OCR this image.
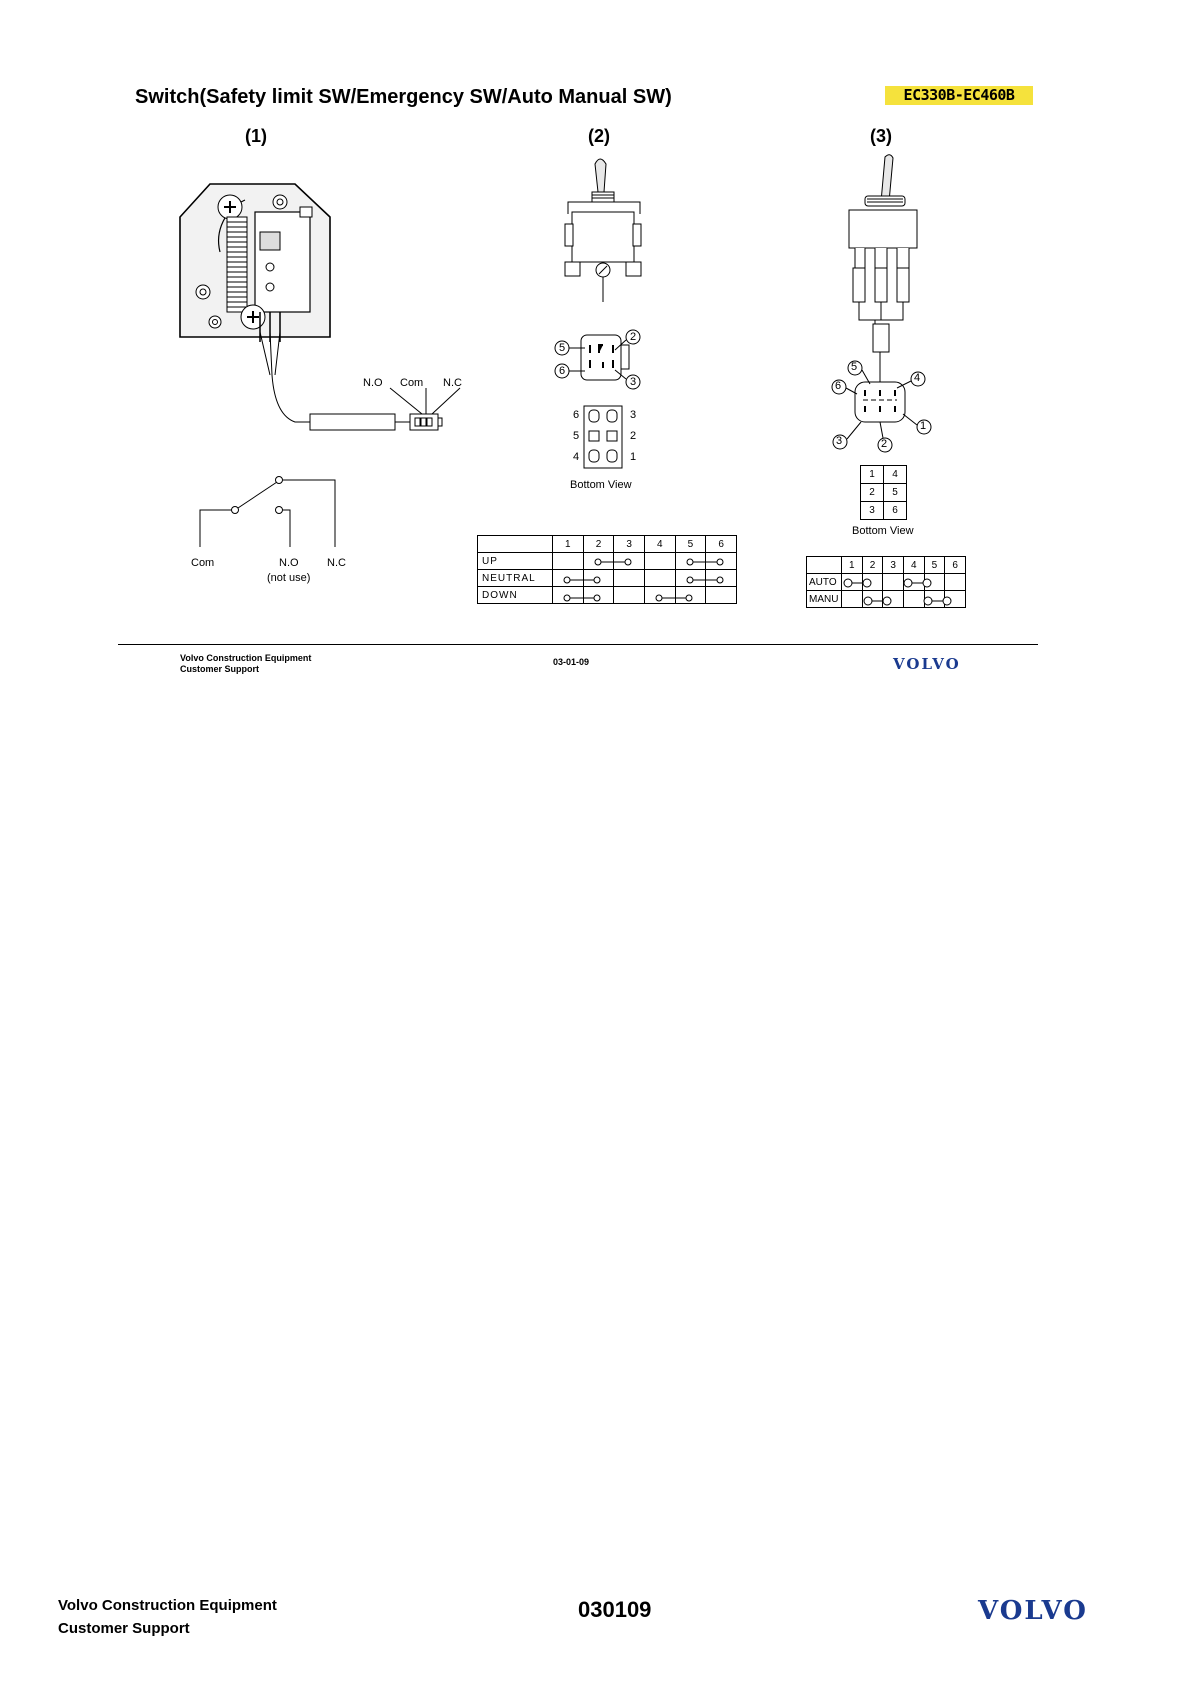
Switch(Safety limit SW/Emergency SW/Auto Manual SW)	EC330B-EC460B
(1)	(2)	(3)
N.O Com N.C
Com	N.O
(not use)
N.C
5
6
2
3
6
5
4
3
2
1
Bottom View
	1	2	3	4	5	6
UP						
NEUTRAL						
DOWN						
5
4
6
1
3	2
1	4
2	5
3	6
Bottom View
	1	2	3	4	5	6
AUTO						
MANU						
Volvo Construction Equipment
Customer Support
03-01-09	VOLVO
Volvo Construction Equipment
Customer Support
030109	VOLVO
